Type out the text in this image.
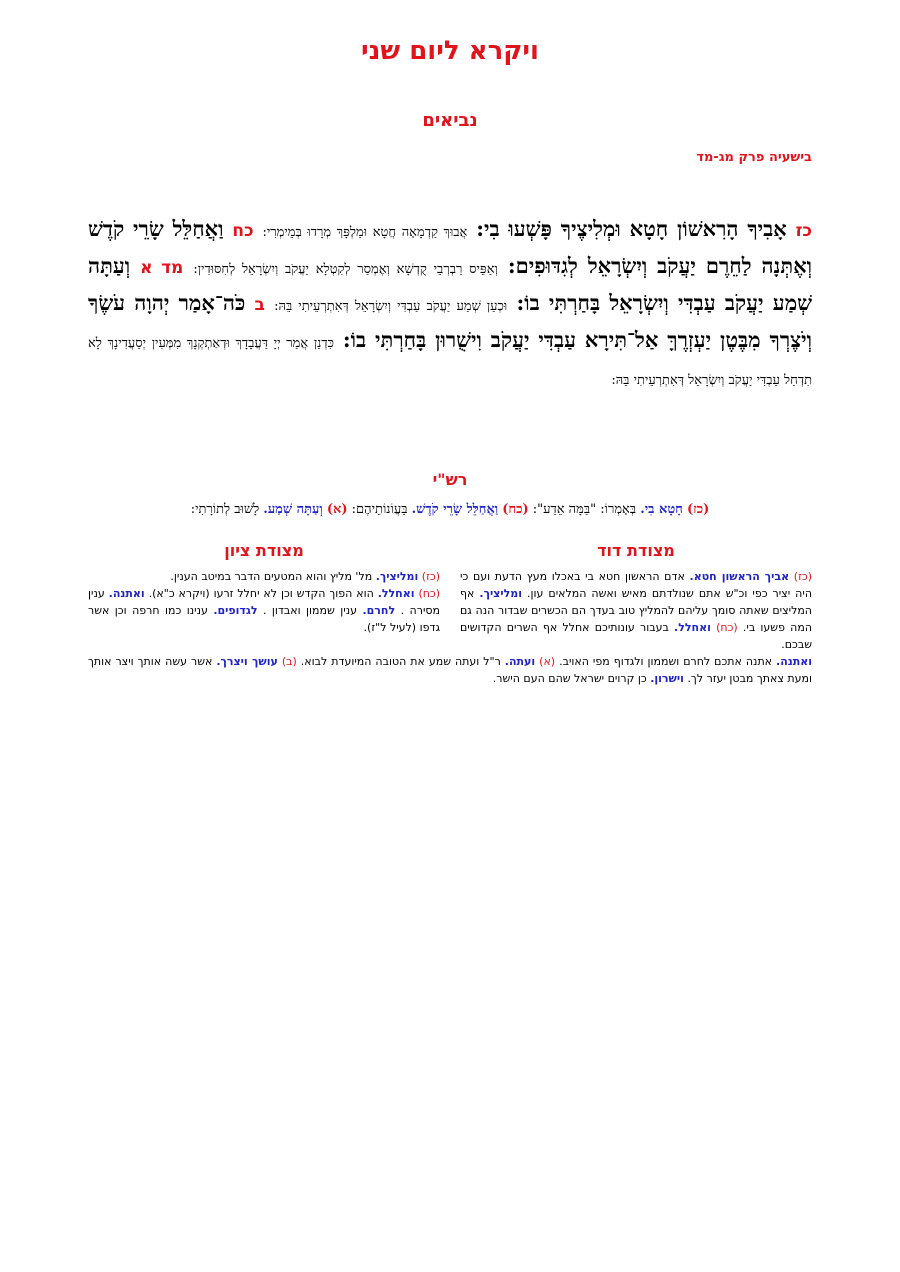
ויקרא ליום שני
נביאים
בישעיה פרק מג-מד
כז אָבִיךָ הָרִאשׁוֹן חָטָא וּמְלִיצֶיךָ פָּשְׁעוּ בִי: אֲבוּךְ קַדְמָאָה חֲטָא וּמַלְפָּךְ מְרָדוּ בְּמֵימְרִי: כח וַאֲחַלֵּל שָׂרֵי קֹדֶשׁ וְאֶתְּנָה לַחֵרֶם יַעֲקֹב וְיִשְׂרָאֵל לְגִדּוּפִים: וְאַפֵּיס רַבְרְבֵי קֻדְשָׁא וְאֶמְסַר לְקִטְלָא יַעֲקֹב וְיִשְׂרָאֵל לְחִסּוּדִין: מד א וְעַתָּה שְׁמַע יַעֲקֹב עַבְדִּי וְיִשְׂרָאֵל בָּחַרְתִּי בוֹ: וּכְעַן שְׁמַע יַעֲקֹב עַבְדִּי וְיִשְׂרָאֵל דְּאִתְרְעֵיתִי בֵּהּ: ב כֹּה־אָמַר יְהוָה עֹשֶׂךָ וְיֹצֶרְךָ מִבֶּטֶן יַעְזְרֶךָּ אַל־תִּירָא עַבְדִּי יַעֲקֹב וִישֻׁרוּן בָּחַרְתִּי בוֹ: כִּדְנַן אֲמַר יְיָ דַּעֲבָדָךְ וּדְאַתְקְנָךְ מִמְּעִין יְסַעֲדִינָךְ לָא תִדְחַל עַבְדִּי יַעֲקֹב וְיִשְׂרָאֵל דְּאִתְרְעֵיתִי בֵּהּ:
רש"י
(כז) חָטָא בִי. בְּאָמְרוֹ: "בַּמָּה אֵדַע": (כח) וַאֲחַלֵּל שָׂרֵי קֹדֶשׁ. בַּעֲוֹנוֹתֵיהֶם: (א) וְעַתָּה שְׁמַע. לָשׁוּב לְתוֹרָתִי:
מצודת דוד
מצודת ציון
(כז) אביך הראשון חטא. אדם הראשון חטא בי באכלו מעץ הדעת ועם כי היה יציר כפי וכ"ש אתם שנולדתם מאיש ואשה המלאים עון. ומליציך. אף המליצים שאתה סומך עליהם להמליץ טוב בעדך הם הכשרים שבדור הנה גם המה פשעו בי. (כח) ואחלל. בעבור עונותיכם אחלל אף השרים הקדושים שבכם.
(כז) ומליציך. מל' מליץ והוא המטעים הדבר במיטב הענין.
(כח) ואחלל. הוא הפוך הקדש וכן לא יחלל זרעו (ויקרא כ"א). ואתנה. ענין מסירה . לחרם. ענין שממון ואבדון . לגדופים. ענינו כמו חרפה וכן אשר גדפו (לעיל ל"ז).
ואתנה. אתנה אתכם לחרם ושממון ולגדוף מפי האויב. (א) ועתה. ר"ל ועתה שמע את הטובה המיועדת לבוא. (ב) עושך ויצרך. אשר עשה אותך ויצר אותך ומעת צאתך מבטן יעזר לך. וישרון. כן קרוים ישראל שהם העם הישר.
